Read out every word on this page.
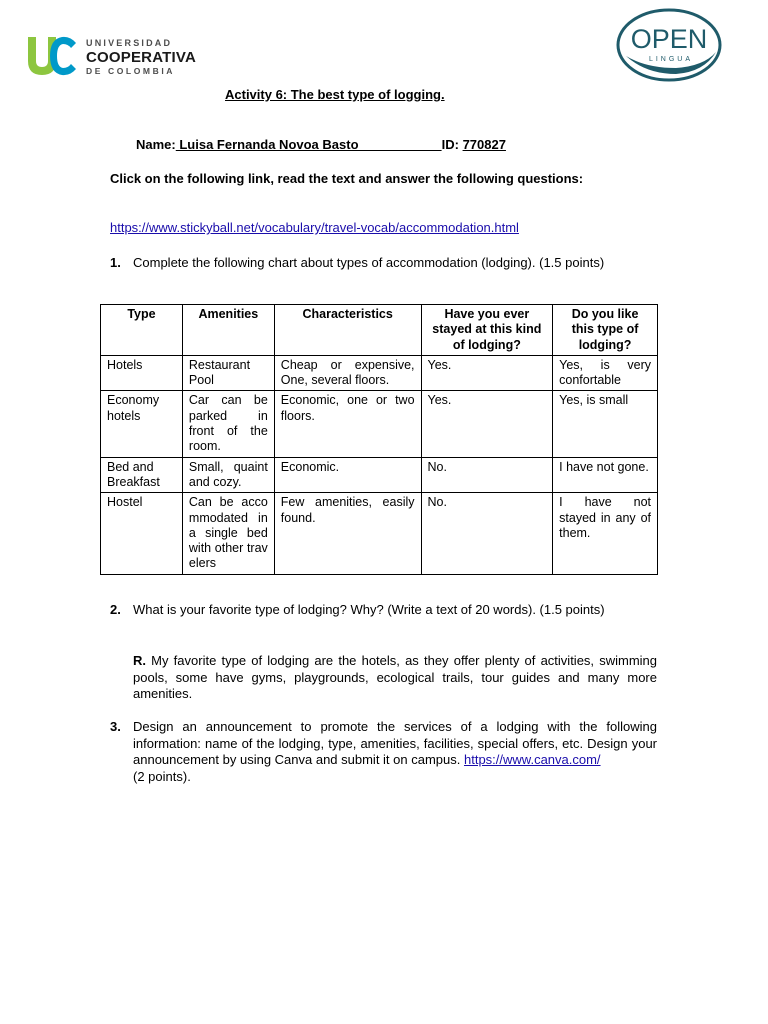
UNIVERSIDAD
COOPERATIVA
DE COLOMBIA
OPEN
LINGUA
Activity 6: The best type of logging.
Name: Luisa Fernanda Novoa Basto_                     ID: 770827
Click on the following link, read the text and answer the following questions:
https://www.stickyball.net/vocabulary/travel-vocab/accommodation.html
1. Complete the following chart about types of accommodation (lodging). (1.5 points)
Type	Amenities	Characteristics	Have you ever stayed at this kind of lodging?	Do you like this type of lodging?
Hotels	Restaurant Pool	Cheap or expensive, One, several floors.	Yes.	Yes, is very confortable
Economy hotels	Car can be parked in front of the room.	Economic, one or two floors.	Yes.	Yes, is small
Bed and Breakfast	Small, quaint and cozy.	Economic.	No.	I have not gone.
Hostel	Can be accommodated in a single bed with other travelers	Few amenities, easily found.	No.	I have not stayed in any of them.
2. What is your favorite type of lodging? Why? (Write a text of 20 words). (1.5 points)
R. My favorite type of lodging are the hotels, as they offer plenty of activities, swimming pools, some have gyms, playgrounds, ecological trails, tour guides and many more amenities.
3. Design an announcement to promote the services of a lodging with the following information: name of the lodging, type, amenities, facilities, special offers, etc. Design your announcement by using Canva and submit it on campus. https://www.canva.com/
(2 points).
